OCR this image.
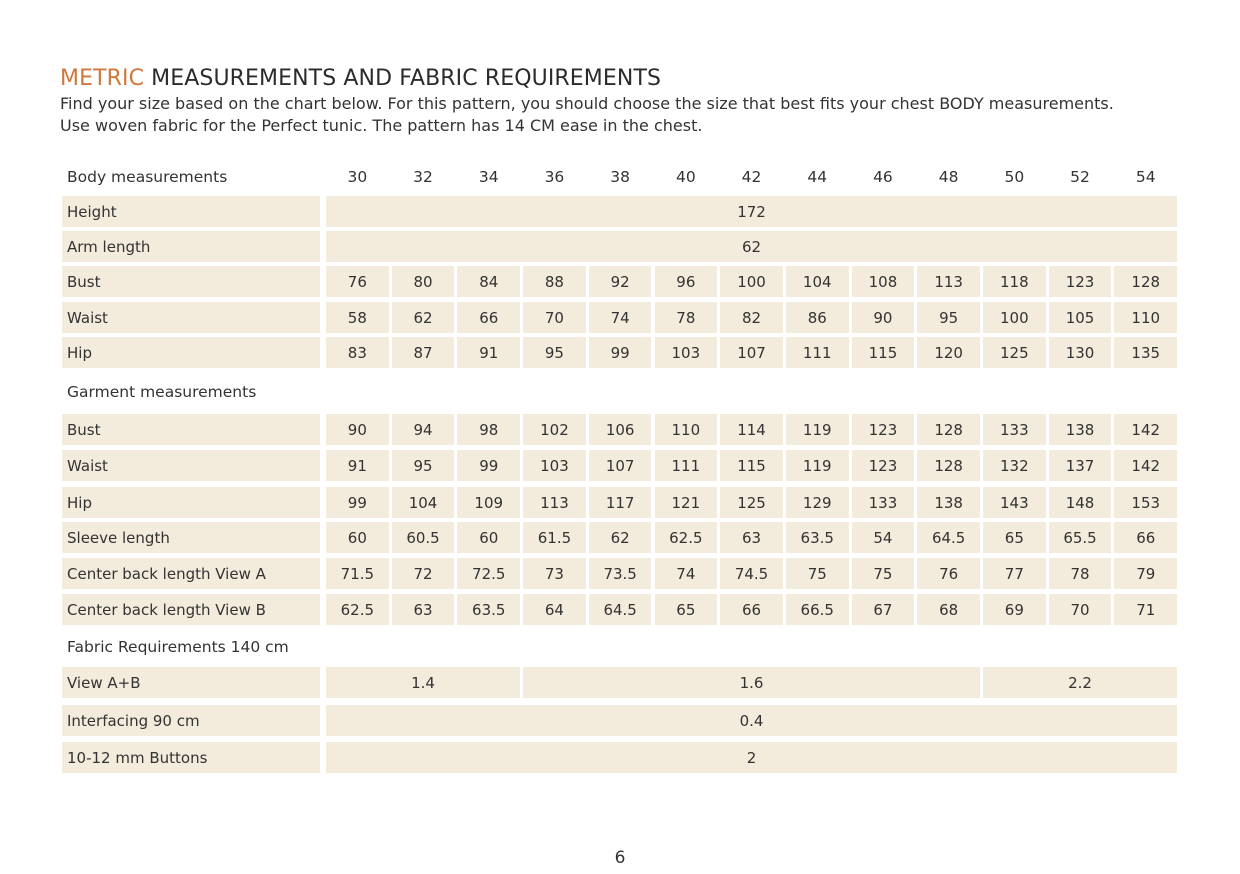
METRIC MEASUREMENTS AND FABRIC REQUIREMENTS
Find your size based on the chart below. For this pattern, you should choose the size that best fits your chest BODY measurements.
Use woven fabric for the Perfect tunic. The pattern has 14 CM ease in the chest.
Body measurements	30	32	34	36	38	40	42	44	46	48	50	52	54
Height	172
Arm length	62
Bust	76	80	84	88	92	96	100	104	108	113	118	123	128
Waist	58	62	66	70	74	78	82	86	90	95	100	105	110
Hip	83	87	91	95	99	103	107	111	115	120	125	130	135
Garment measurements
Bust	90	94	98	102	106	110	114	119	123	128	133	138	142
Waist	91	95	99	103	107	111	115	119	123	128	132	137	142
Hip	99	104	109	113	117	121	125	129	133	138	143	148	153
Sleeve length	60	60.5	60	61.5	62	62.5	63	63.5	54	64.5	65	65.5	66
Center back length View A	71.5	72	72.5	73	73.5	74	74.5	75	75	76	77	78	79
Center back length View B	62.5	63	63.5	64	64.5	65	66	66.5	67	68	69	70	71
Fabric Requirements 140 cm
View A+B	1.4	1.6	2.2
Interfacing 90 cm	0.4
10-12 mm Buttons	2
6
